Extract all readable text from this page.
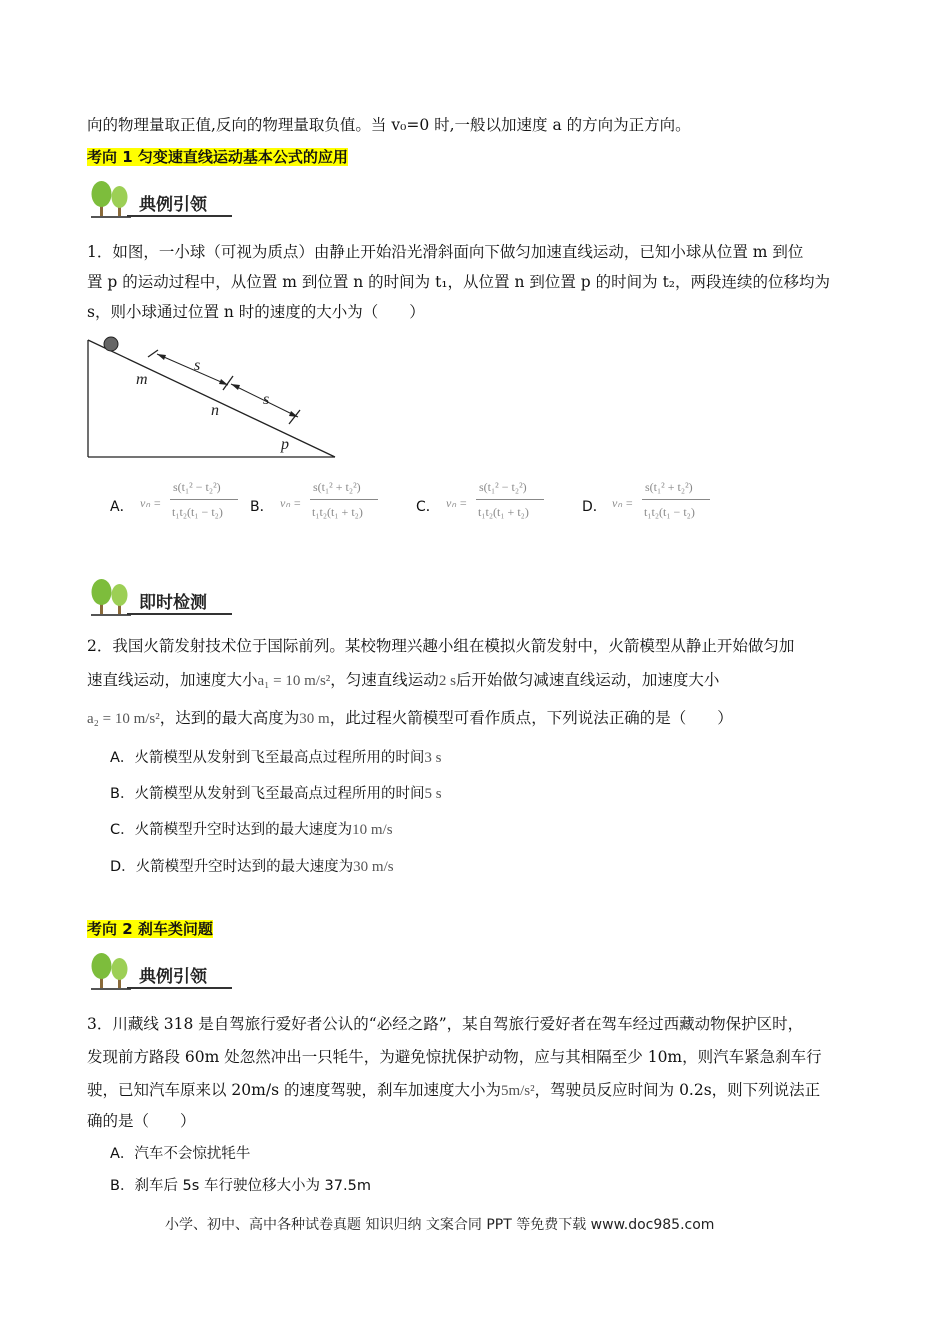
向的物理量取正值,反向的物理量取负值。当 v₀=0 时,一般以加速度 a 的方向为正方向。
考向 1 匀变速直线运动基本公式的应用
典例引领
1．如图，一小球（可视为质点）由静止开始沿光滑斜面向下做匀加速直线运动，已知小球从位置 m 到位
置 p 的运动过程中，从位置 m 到位置 n 的时间为 t₁，从位置 n 到位置 p 的时间为 t₂，两段连续的位移均为
s，则小球通过位置 n 时的速度的大小为（　　）
m
s
n
s
p
A． vₙ =
s(t₁² − t₂²)
t₁t₂(t₁ − t₂) B． vₙ =
s(t₁² + t₂²)
t₁t₂(t₁ + t₂)	C． vₙ =
s(t₁² − t₂²)
t₁t₂(t₁ + t₂)	D． vₙ =
s(t₁² + t₂²)
t₁t₂(t₁ − t₂)
即时检测
2．我国火箭发射技术位于国际前列。某校物理兴趣小组在模拟火箭发射中，火箭模型从静止开始做匀加
速直线运动，加速度大小a₁ = 10 m/s²，匀速直线运动2 s后开始做匀减速直线运动，加速度大小
a₂ = 10 m/s²，达到的最大高度为30 m，此过程火箭模型可看作质点，下列说法正确的是（　　）
A．火箭模型从发射到飞至最高点过程所用的时间3 s
B．火箭模型从发射到飞至最高点过程所用的时间5 s
C．火箭模型升空时达到的最大速度为10 m/s
D．火箭模型升空时达到的最大速度为30 m/s
考向 2 刹车类问题
典例引领
3．川藏线 318 是自驾旅行爱好者公认的“必经之路”，某自驾旅行爱好者在驾车经过西藏动物保护区时，
发现前方路段 60m 处忽然冲出一只牦牛，为避免惊扰保护动物，应与其相隔至少 10m，则汽车紧急刹车行
驶，已知汽车原来以 20m/s 的速度驾驶，刹车加速度大小为5m/s²，驾驶员反应时间为 0.2s，则下列说法正
确的是（　　）
A．汽车不会惊扰牦牛
B．刹车后 5s 车行驶位移大小为 37.5m
小学、初中、高中各种试卷真题 知识归纳 文案合同 PPT 等免费下载 www.doc985.com
